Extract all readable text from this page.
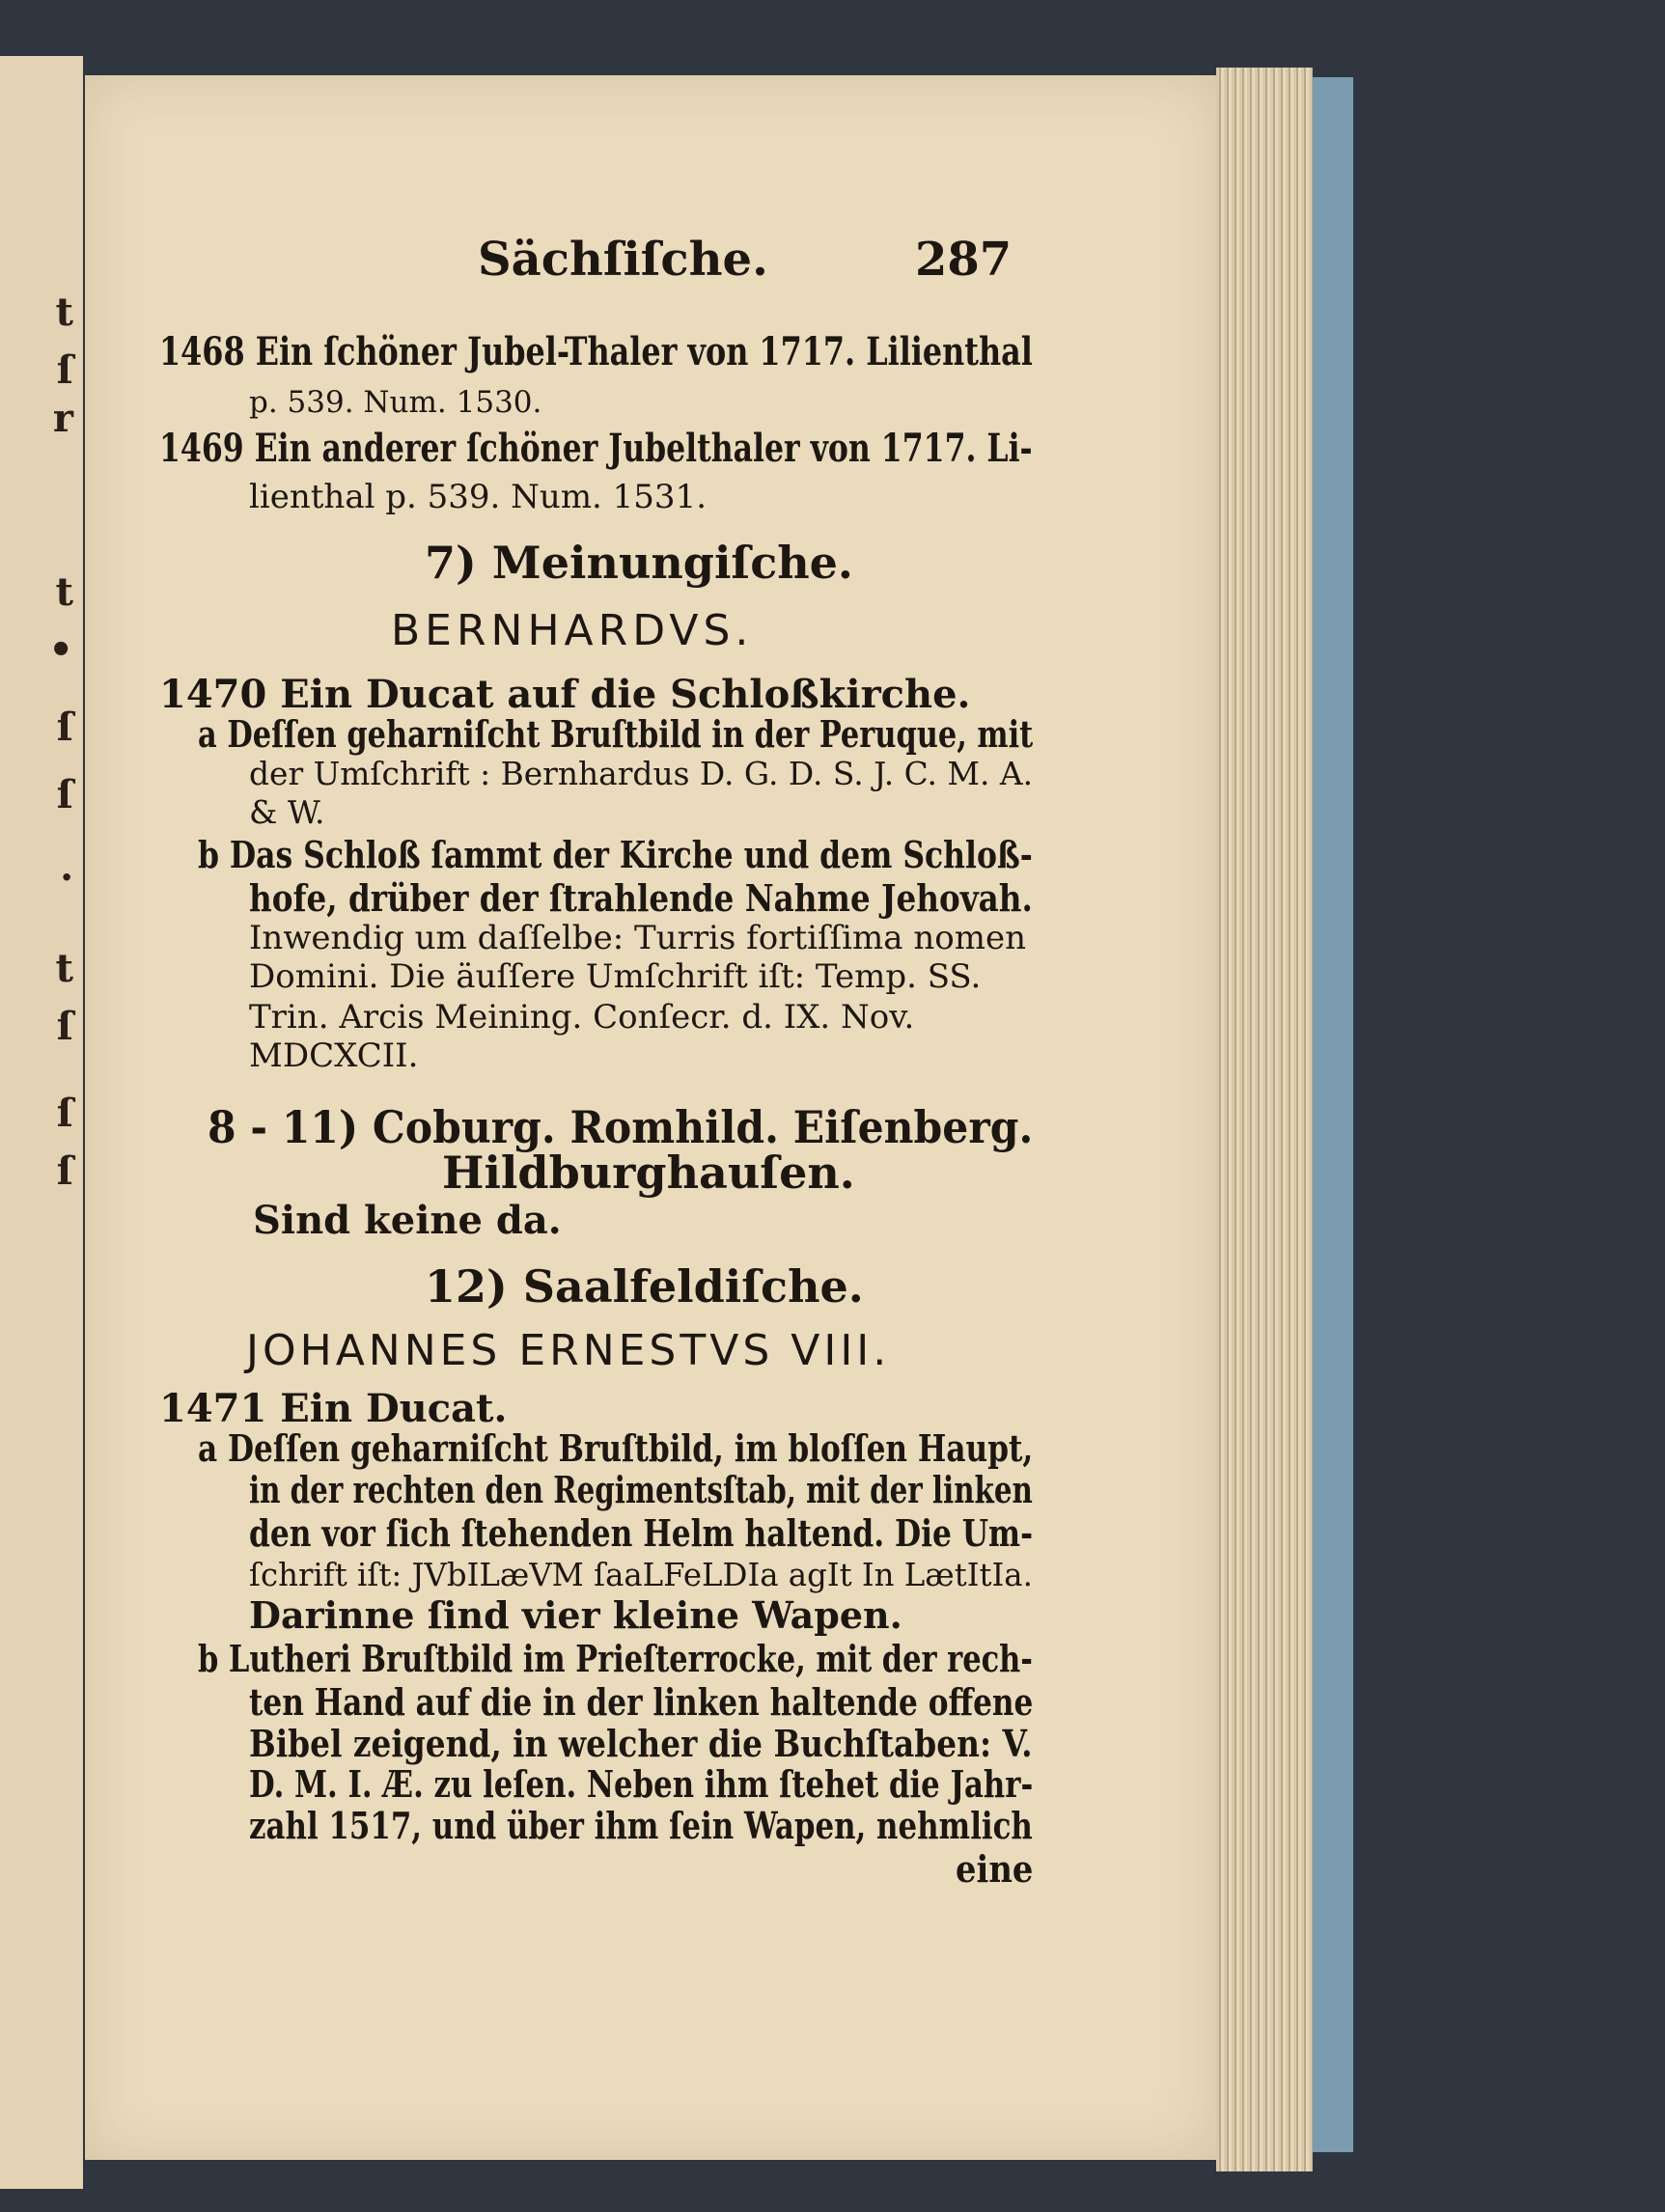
t
ſ
r
t
•
ſ
ſ
.
t
ſ
ſ
ſ
Sächſiſche.	287
1468 Ein ſchöner Jubel-Thaler von 1717. Lilienthal
p. 539. Num. 1530.
1469 Ein anderer ſchöner Jubelthaler von 1717. Li-
lienthal p. 539. Num. 1531.
7) Meinungiſche.
BERNHARDVS.
1470 Ein Ducat auf die Schloßkirche.
a Deſſen geharniſcht Bruſtbild in der Peruque, mit
der Umſchrift : Bernhardus D. G. D. S. J. C. M. A.
& W.
b Das Schloß ſammt der Kirche und dem Schloß-
hofe, drüber der ſtrahlende Nahme Jehovah.
Inwendig um daſſelbe: Turris fortiſſima nomen
Domini. Die äuſſere Umſchrift iſt: Temp. SS.
Trin. Arcis Meining. Conſecr. d. IX. Nov.
MDCXCII.
8 - 11) Coburg. Romhild. Eiſenberg.
Hildburghauſen.
Sind keine da.
12) Saalfeldiſche.
JOHANNES ERNESTVS VIII.
1471 Ein Ducat.
a Deſſen geharniſcht Bruſtbild, im bloſſen Haupt,
in der rechten den Regimentsſtab, mit der linken
den vor ſich ſtehenden Helm haltend. Die Um-
ſchrift iſt: JVbILæVM ſaaLFeLDIa agIt In LætItIa.
Darinne ſind vier kleine Wapen.
b Lutheri Bruſtbild im Prieſterrocke, mit der rech-
ten Hand auf die in der linken haltende offene
Bibel zeigend, in welcher die Buchſtaben: V.
D. M. I. Æ. zu leſen. Neben ihm ſtehet die Jahr-
zahl 1517, und über ihm ſein Wapen, nehmlich
eine
